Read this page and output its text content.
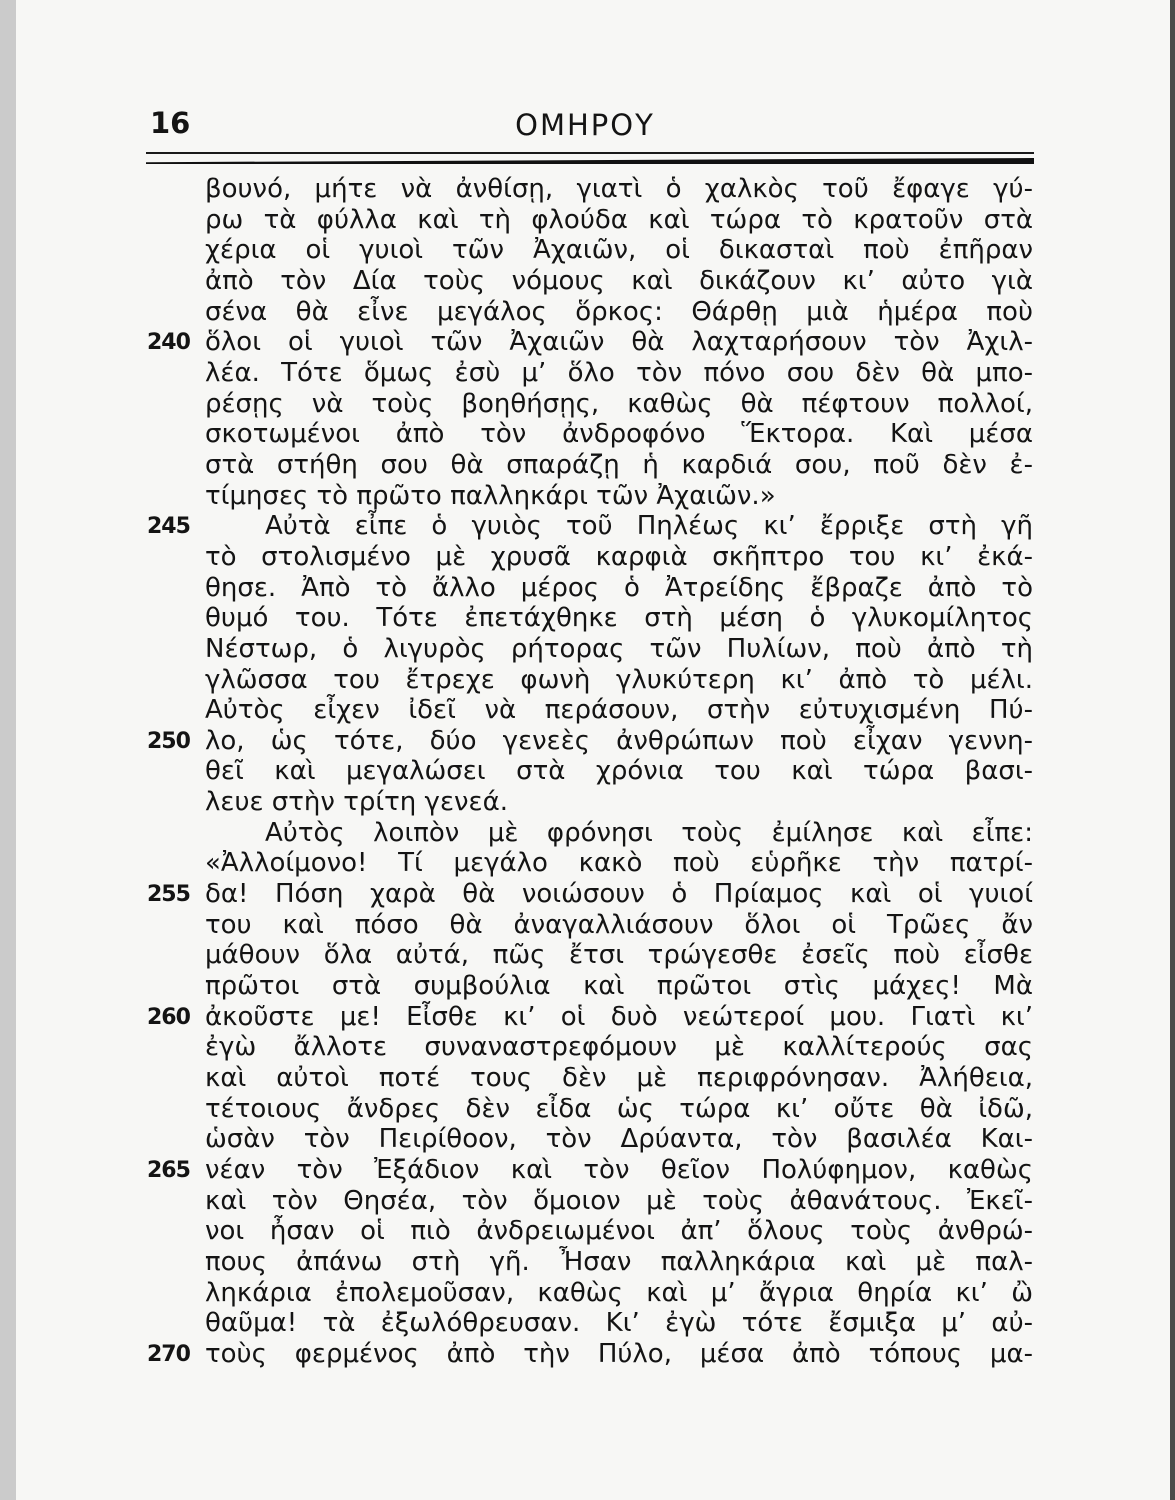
16	ΟΜΗΡΟΥ
βουνό, μήτε νὰ ἀνθίσῃ, γιατὶ ὁ χαλκὸς τοῦ ἔφαγε γύ-
ρω τὰ φύλλα καὶ τὴ φλούδα καὶ τώρα τὸ κρατοῦν στὰ
χέρια οἱ γυιοὶ τῶν Ἀχαιῶν, οἱ δικασταὶ ποὺ ἐπῆραν
ἀπὸ τὸν Δία τοὺς νόμους καὶ δικάζουν κι’ αὐτο γιὰ
σένα θὰ εἶνε μεγάλος ὅρκος: Θάρθῃ μιὰ ἡμέρα ποὺ
240 ὅλοι οἱ γυιοὶ τῶν Ἀχαιῶν θὰ λαχταρήσουν τὸν Ἀχιλ-
λέα. Τότε ὅμως ἐσὺ μ’ ὅλο τὸν πόνο σου δὲν θὰ μπο-
ρέσῃς νὰ τοὺς βοηθήσῃς, καθὼς θὰ πέφτουν πολλοί,
σκοτωμένοι ἀπὸ τὸν ἀνδροφόνο Ἕκτορα. Καὶ μέσα
στὰ στήθη σου θὰ σπαράζῃ ἡ καρδιά σου, ποῦ δὲν ἐ-
τίμησες τὸ πρῶτο παλληκάρι τῶν Ἀχαιῶν.»
245	Αὐτὰ εἶπε ὁ γυιὸς τοῦ Πηλέως κι’ ἔρριξε στὴ γῆ
τὸ στολισμένο μὲ χρυσᾶ καρφιὰ σκῆπτρο του κι’ ἐκά-
θησε. Ἀπὸ τὸ ἄλλο μέρος ὁ Ἀτρείδης ἔβραζε ἀπὸ τὸ
θυμό του. Τότε ἐπετάχθηκε στὴ μέση ὁ γλυκομίλητος
Νέστωρ, ὁ λιγυρὸς ρήτορας τῶν Πυλίων, ποὺ ἀπὸ τὴ
γλῶσσα του ἔτρεχε φωνὴ γλυκύτερη κι’ ἀπὸ τὸ μέλι.
Αὐτὸς εἶχεν ἰδεῖ νὰ περάσουν, στὴν εὐτυχισμένη Πύ-
250 λο, ὡς τότε, δύο γενεὲς ἀνθρώπων ποὺ εἶχαν γεννη-
θεῖ καὶ μεγαλώσει στὰ χρόνια του καὶ τώρα βασι-
λευε στὴν τρίτη γενεά.
Αὐτὸς λοιπὸν μὲ φρόνησι τοὺς ἐμίλησε καὶ εἶπε:
«Ἀλλοίμονο! Τί μεγάλο κακὸ ποὺ εὑρῆκε τὴν πατρί-
255 δα! Πόση χαρὰ θὰ νοιώσουν ὁ Πρίαμος καὶ οἱ γυιοί
του καὶ πόσο θὰ ἀναγαλλιάσουν ὅλοι οἱ Τρῶες ἄν
μάθουν ὅλα αὐτά, πῶς ἔτσι τρώγεσθε ἐσεῖς ποὺ εἶσθε
πρῶτοι στὰ συμβούλια καὶ πρῶτοι στὶς μάχες! Μὰ
260 ἀκοῦστε με! Εἶσθε κι’ οἱ δυὸ νεώτεροί μου. Γιατὶ κι’
ἐγὼ ἄλλοτε συναναστρεφόμουν μὲ καλλίτερούς σας
καὶ αὐτοὶ ποτέ τους δὲν μὲ περιφρόνησαν. Ἀλήθεια,
τέτοιους ἄνδρες δὲν εἶδα ὡς τώρα κι’ οὔτε θὰ ἰδῶ,
ὡσὰν τὸν Πειρίθοον, τὸν Δρύαντα, τὸν βασιλέα Και-
265 νέαν τὸν Ἐξάδιον καὶ τὸν θεῖον Πολύφημον, καθὼς
καὶ τὸν Θησέα, τὸν ὅμοιον μὲ τοὺς ἀθανάτους. Ἐκεῖ-
νοι ἦσαν οἱ πιὸ ἀνδρειωμένοι ἀπ’ ὅλους τοὺς ἀνθρώ-
πους ἀπάνω στὴ γῆ. Ἦσαν παλληκάρια καὶ μὲ παλ-
ληκάρια ἐπολεμοῦσαν, καθὼς καὶ μ’ ἄγρια θηρία κι’ ὢ
θαῦμα! τὰ ἐξωλόθρευσαν. Κι’ ἐγὼ τότε ἔσμιξα μ’ αὐ-
270 τοὺς φερμένος ἀπὸ τὴν Πύλο, μέσα ἀπὸ τόπους μα-
